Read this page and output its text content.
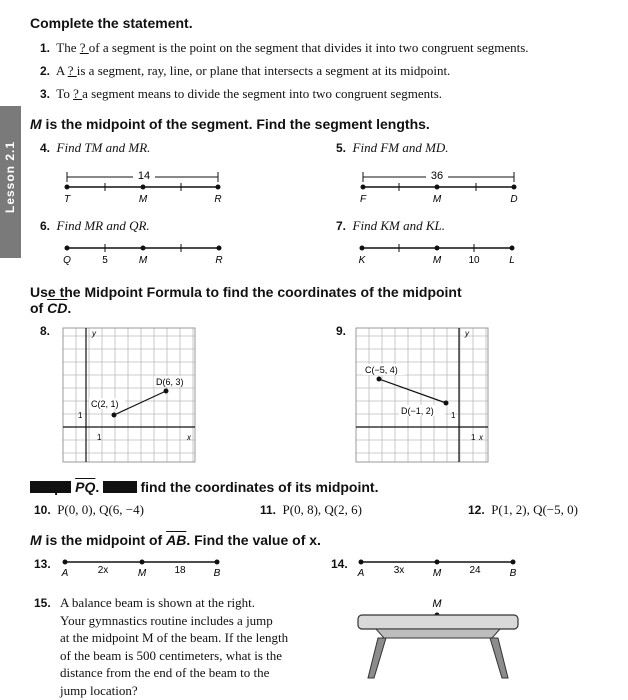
Complete the statement.
1. The ? of a segment is the point on the segment that divides it into two congruent segments.
2. A ? is a segment, ray, line, or plane that intersects a segment at its midpoint.
3. To ? a segment means to divide the segment into two congruent segments.
Lesson 2.1
M is the midpoint of the segment. Find the segment lengths.
4. Find TM and MR.
14
T	M	R
5. Find FM and MD.
36
F	M	D
6. Find MR and QR.
Q	5	M	R
7. Find KM and KL.
K	M	10	L
Use the Midpoint Formula to find the coordinates of the midpoint
of $\overline{CD}$.
8.	y
x
1
1
C(2, 1)
D(6, 3)
9.	y
x
1
1
C(−5, 4)
D(−1, 2)
Graph $\overline{PQ}$. Then find the coordinates of its midpoint.
10. P(0, 0), Q(6, −4)	11. P(0, 8), Q(2, 6)	12. P(1, 2), Q(−5, 0)
M is the midpoint of $\overline{AB}$. Find the value of x.
13.
A	2x	M	18	B
14.
A	3x	M	24	B
15. A balance beam is shown at the right.
Your gymnastics routine includes a jump
at the midpoint M of the beam. If the length
of the beam is 500 centimeters, what is the
distance from the end of the beam to the
jump location?
M
